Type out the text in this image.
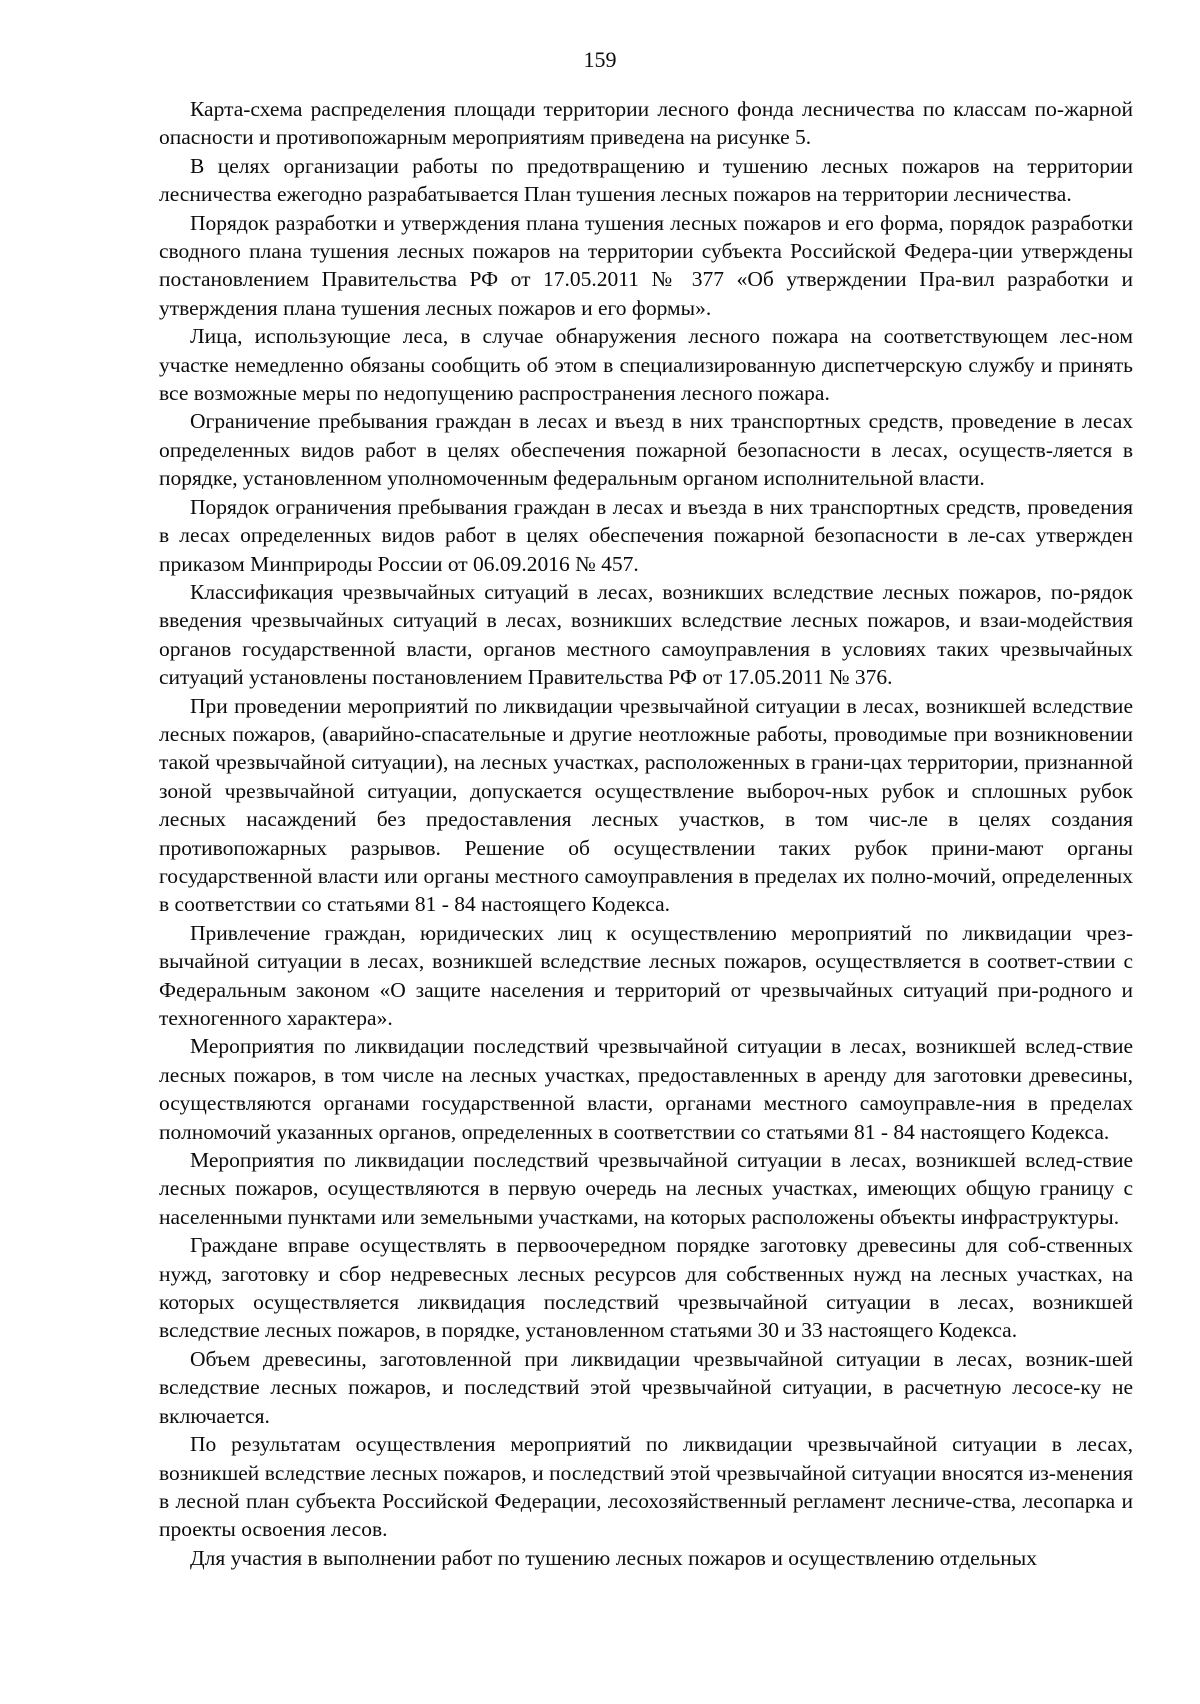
159

Карта-схема распределения площади территории лесного фонда лесничества по классам по-жарной опасности и противопожарным мероприятиям приведена на рисунке 5.

В целях организации работы по предотвращению и тушению лесных пожаров на территории лесничества ежегодно разрабатывается План тушения лесных пожаров на территории лесничества.

Порядок разработки и утверждения плана тушения лесных пожаров и его форма, порядок разработки сводного плана тушения лесных пожаров на территории субъекта Российской Федера-ции утверждены постановлением Правительства РФ от 17.05.2011 № 377 «Об утверждении Пра-вил разработки и утверждения плана тушения лесных пожаров и его формы».

Лица, использующие леса, в случае обнаружения лесного пожара на соответствующем лес-ном участке немедленно обязаны сообщить об этом в специализированную диспетчерскую службу и принять все возможные меры по недопущению распространения лесного пожара.

Ограничение пребывания граждан в лесах и въезд в них транспортных средств, проведение в лесах определенных видов работ в целях обеспечения пожарной безопасности в лесах, осуществ-ляется в порядке, установленном уполномоченным федеральным органом исполнительной власти.

Порядок ограничения пребывания граждан в лесах и въезда в них транспортных средств, проведения в лесах определенных видов работ в целях обеспечения пожарной безопасности в ле-сах утвержден приказом Минприроды России от 06.09.2016 № 457.

Классификация чрезвычайных ситуаций в лесах, возникших вследствие лесных пожаров, по-рядок введения чрезвычайных ситуаций в лесах, возникших вследствие лесных пожаров, и взаи-модействия органов государственной власти, органов местного самоуправления в условиях таких чрезвычайных ситуаций установлены постановлением Правительства РФ от 17.05.2011 № 376.

При проведении мероприятий по ликвидации чрезвычайной ситуации в лесах, возникшей вследствие лесных пожаров, (аварийно-спасательные и другие неотложные работы, проводимые при возникновении такой чрезвычайной ситуации), на лесных участках, расположенных в грани-цах территории, признанной зоной чрезвычайной ситуации, допускается осуществление выбороч-ных рубок и сплошных рубок лесных насаждений без предоставления лесных участков, в том чис-ле в целях создания противопожарных разрывов. Решение об осуществлении таких рубок прини-мают органы государственной власти или органы местного самоуправления в пределах их полно-мочий, определенных в соответствии со статьями 81 - 84 настоящего Кодекса.

Привлечение граждан, юридических лиц к осуществлению мероприятий по ликвидации чрез-вычайной ситуации в лесах, возникшей вследствие лесных пожаров, осуществляется в соответ-ствии с Федеральным законом «О защите населения и территорий от чрезвычайных ситуаций при-родного и техногенного характера».

Мероприятия по ликвидации последствий чрезвычайной ситуации в лесах, возникшей вслед-ствие лесных пожаров, в том числе на лесных участках, предоставленных в аренду для заготовки древесины, осуществляются органами государственной власти, органами местного самоуправле-ния в пределах полномочий указанных органов, определенных в соответствии со статьями 81 - 84 настоящего Кодекса.

Мероприятия по ликвидации последствий чрезвычайной ситуации в лесах, возникшей вслед-ствие лесных пожаров, осуществляются в первую очередь на лесных участках, имеющих общую границу с населенными пунктами или земельными участками, на которых расположены объекты инфраструктуры.

Граждане вправе осуществлять в первоочередном порядке заготовку древесины для соб-ственных нужд, заготовку и сбор недревесных лесных ресурсов для собственных нужд на лесных участках, на которых осуществляется ликвидация последствий чрезвычайной ситуации в лесах, возникшей вследствие лесных пожаров, в порядке, установленном статьями 30 и 33 настоящего Кодекса.

Объем древесины, заготовленной при ликвидации чрезвычайной ситуации в лесах, возник-шей вследствие лесных пожаров, и последствий этой чрезвычайной ситуации, в расчетную лесосе-ку не включается.

По результатам осуществления мероприятий по ликвидации чрезвычайной ситуации в лесах, возникшей вследствие лесных пожаров, и последствий этой чрезвычайной ситуации вносятся из-менения в лесной план субъекта Российской Федерации, лесохозяйственный регламент лесниче-ства, лесопарка и проекты освоения лесов.

Для участия в выполнении работ по тушению лесных пожаров и осуществлению отдельных
